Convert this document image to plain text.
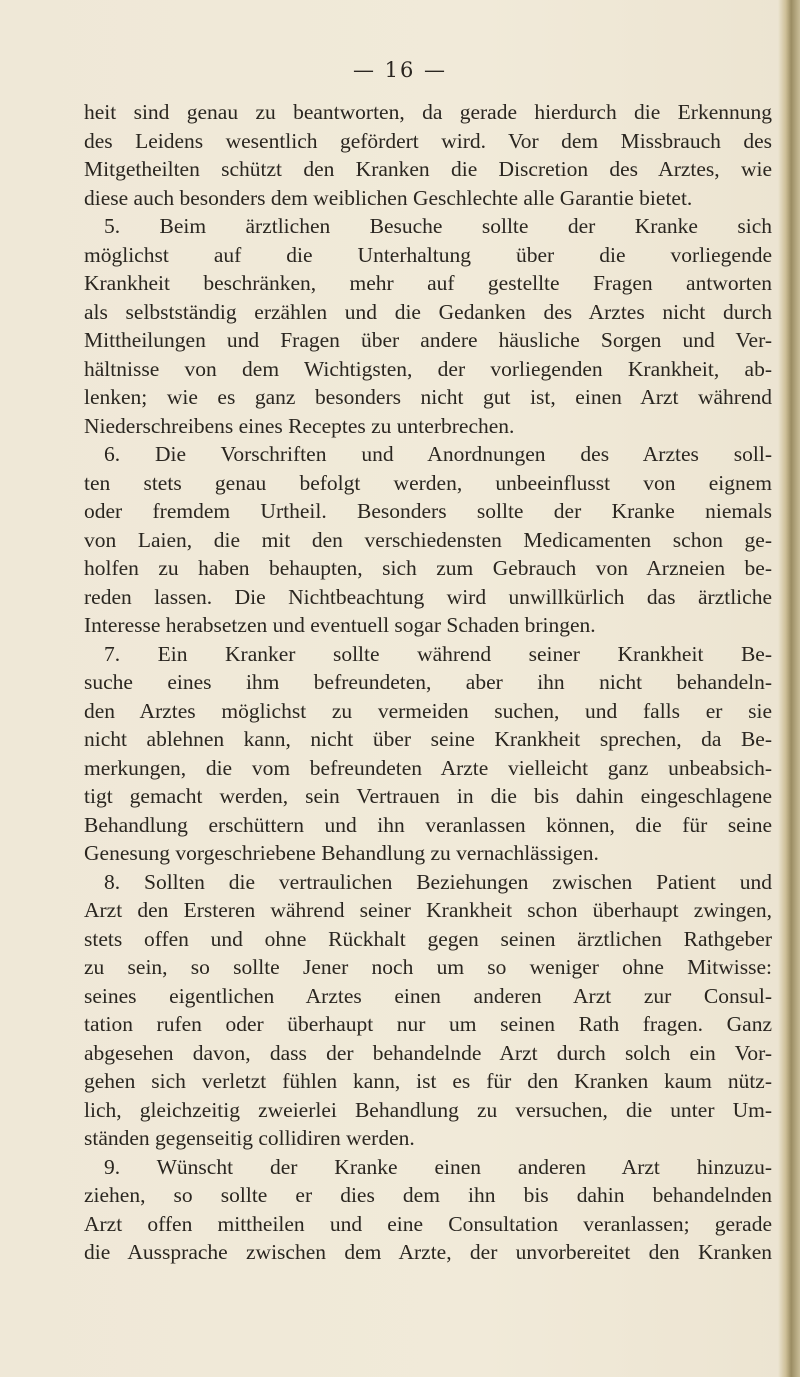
— 16 —
heit sind genau zu beantworten, da gerade hierdurch die Erkennung
des Leidens wesentlich gefördert wird. Vor dem Missbrauch des
Mitgetheilten schützt den Kranken die Discretion des Arztes, wie
diese auch besonders dem weiblichen Geschlechte alle Garantie bietet.
5. Beim ärztlichen Besuche sollte der Kranke sich
möglichst auf die Unterhaltung über die vorliegende
Krankheit beschränken, mehr auf gestellte Fragen antworten
als selbstständig erzählen und die Gedanken des Arztes nicht durch
Mittheilungen und Fragen über andere häusliche Sorgen und Ver-
hältnisse von dem Wichtigsten, der vorliegenden Krankheit, ab-
lenken; wie es ganz besonders nicht gut ist, einen Arzt während
Niederschreibens eines Receptes zu unterbrechen.
6. Die Vorschriften und Anordnungen des Arztes soll-
ten stets genau befolgt werden, unbeeinflusst von eignem
oder fremdem Urtheil. Besonders sollte der Kranke niemals
von Laien, die mit den verschiedensten Medicamenten schon ge-
holfen zu haben behaupten, sich zum Gebrauch von Arzneien be-
reden lassen. Die Nichtbeachtung wird unwillkürlich das ärztliche
Interesse herabsetzen und eventuell sogar Schaden bringen.
7. Ein Kranker sollte während seiner Krankheit Be-
suche eines ihm befreundeten, aber ihn nicht behandeln-
den Arztes möglichst zu vermeiden suchen, und falls er sie
nicht ablehnen kann, nicht über seine Krankheit sprechen, da Be-
merkungen, die vom befreundeten Arzte vielleicht ganz unbeabsich-
tigt gemacht werden, sein Vertrauen in die bis dahin eingeschlagene
Behandlung erschüttern und ihn veranlassen können, die für seine
Genesung vorgeschriebene Behandlung zu vernachlässigen.
8. Sollten die vertraulichen Beziehungen zwischen Patient und
Arzt den Ersteren während seiner Krankheit schon überhaupt zwingen,
stets offen und ohne Rückhalt gegen seinen ärztlichen Rathgeber
zu sein, so sollte Jener noch um so weniger ohne Mitwisse:
seines eigentlichen Arztes einen anderen Arzt zur Consul-
tation rufen oder überhaupt nur um seinen Rath fragen. Ganz
abgesehen davon, dass der behandelnde Arzt durch solch ein Vor-
gehen sich verletzt fühlen kann, ist es für den Kranken kaum nütz-
lich, gleichzeitig zweierlei Behandlung zu versuchen, die unter Um-
ständen gegenseitig collidiren werden.
9. Wünscht der Kranke einen anderen Arzt hinzuzu-
ziehen, so sollte er dies dem ihn bis dahin behandelnden
Arzt offen mittheilen und eine Consultation veranlassen; gerade
die Aussprache zwischen dem Arzte, der unvorbereitet den Kranken
